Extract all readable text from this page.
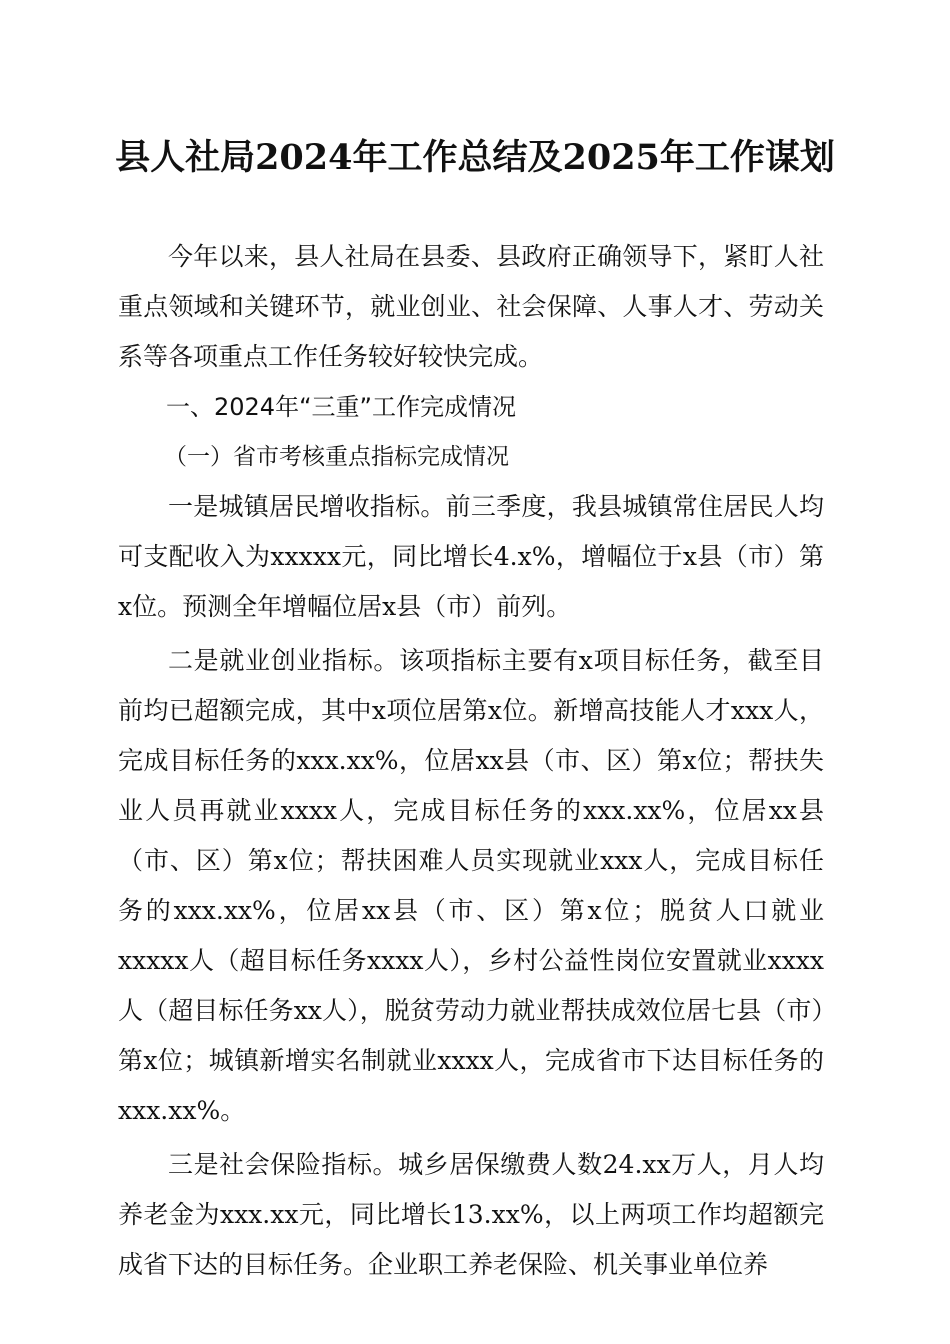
县人社局2024年工作总结及2025年工作谋划

今年以来，县人社局在县委、县政府正确领导下，紧盯人社重点领域和关键环节，就业创业、社会保障、人事人才、劳动关系等各项重点工作任务较好较快完成。

一、2024年“三重”工作完成情况

（一）省市考核重点指标完成情况

一是城镇居民增收指标。前三季度，我县城镇常住居民人均可支配收入为xxxxx元，同比增长4.x%，增幅位于x县（市）第x位。预测全年增幅位居x县（市）前列。

二是就业创业指标。该项指标主要有x项目标任务，截至目前均已超额完成，其中x项位居第x位。新增高技能人才xxx人，完成目标任务的xxx.xx%，位居xx县（市、区）第x位；帮扶失业人员再就业xxxx人，完成目标任务的xxx.xx%，位居xx县（市、区）第x位；帮扶困难人员实现就业xxx人，完成目标任务的xxx.xx%，位居xx县（市、区）第x位；脱贫人口就业xxxxx人（超目标任务xxxx人），乡村公益性岗位安置就业xxxx人（超目标任务xx人），脱贫劳动力就业帮扶成效位居七县（市）第x位；城镇新增实名制就业xxxx人，完成省市下达目标任务的xxx.xx%。

三是社会保险指标。城乡居保缴费人数24.xx万人，月人均养老金为xxx.xx元，同比增长13.xx%，以上两项工作均超额完成省下达的目标任务。企业职工养老保险、机关事业单位养
